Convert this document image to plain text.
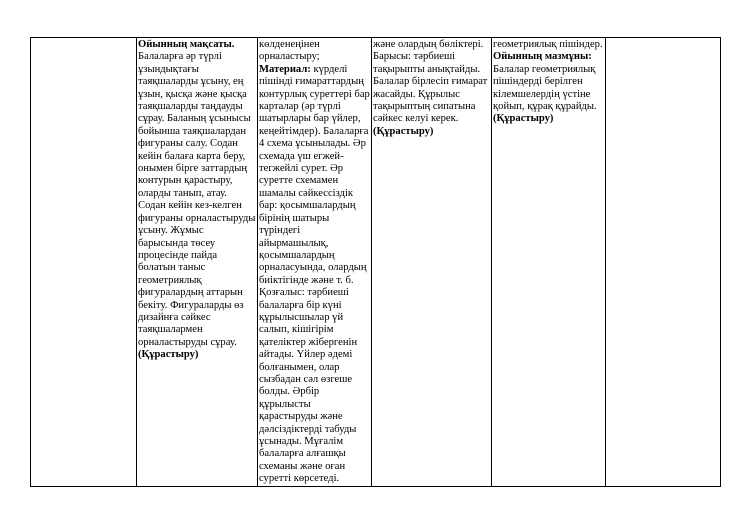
Ойынның мақсаты.
Балаларға әр түрлі ұзындықтағы таяқшаларды ұсыну, ең ұзын, қысқа және қысқа таяқшаларды таңдауды сұрау. Баланың ұсынысы бойынша таяқшалардан фигураны салу. Содан кейін балаға карта беру, онымен бірге заттардың контурын қарастыру, оларды танып, атау. Содан кейін кез-келген фигураны орналастыруды ұсыну. Жұмыс барысында төсеу процесінде пайда болатын таныс геометриялық фигуралардың аттарын бекіту. Фигураларды өз дизайнға сәйкес таяқшалармен орналастыруды сұрау.
(Құрастыру)

көлденеңінен орналастыру;
Материал: күрделі пішінді ғимараттардың контурлық суреттері бар карталар (әр түрлі шатырлары бар үйлер, кеңейтімдер). Балаларға 4 схема ұсынылады. Әр схемада үш егжей-тегжейлі сурет. Әр суретте схемамен шамалы сәйкессіздік бар: қосымшалардың бірінің шатыры түріндегі айырмашылық, қосымшалардың орналасуында, олардың биіктігінде және т. б. Қозғалыс: тәрбиеші балаларға бір күні құрылысшылар үй салып, кішігірім қателіктер жібергенін айтады. Үйлер әдемі болғанымен, олар сызбадан сәл өзгеше болды. Әрбір құрылысты қарастыруды және дәлсіздіктерді табуды ұсынады. Мұғалім балаларға алғашқы схеманы және оған суретті көрсетеді.

және олардың бөліктері. Барысы: тәрбиеші тақырыпты анықтайды. Балалар бірлесіп ғимарат жасайды. Құрылыс тақырыптың сипатына сәйкес келуі керек.
(Құрастыру)

геометриялық пішіндер.
Ойынның мазмұны:
Балалар геометриялық пішіндерді берілген кілемшелердің үстіне қойып, құрақ құрайды.
(Құрастыру)
